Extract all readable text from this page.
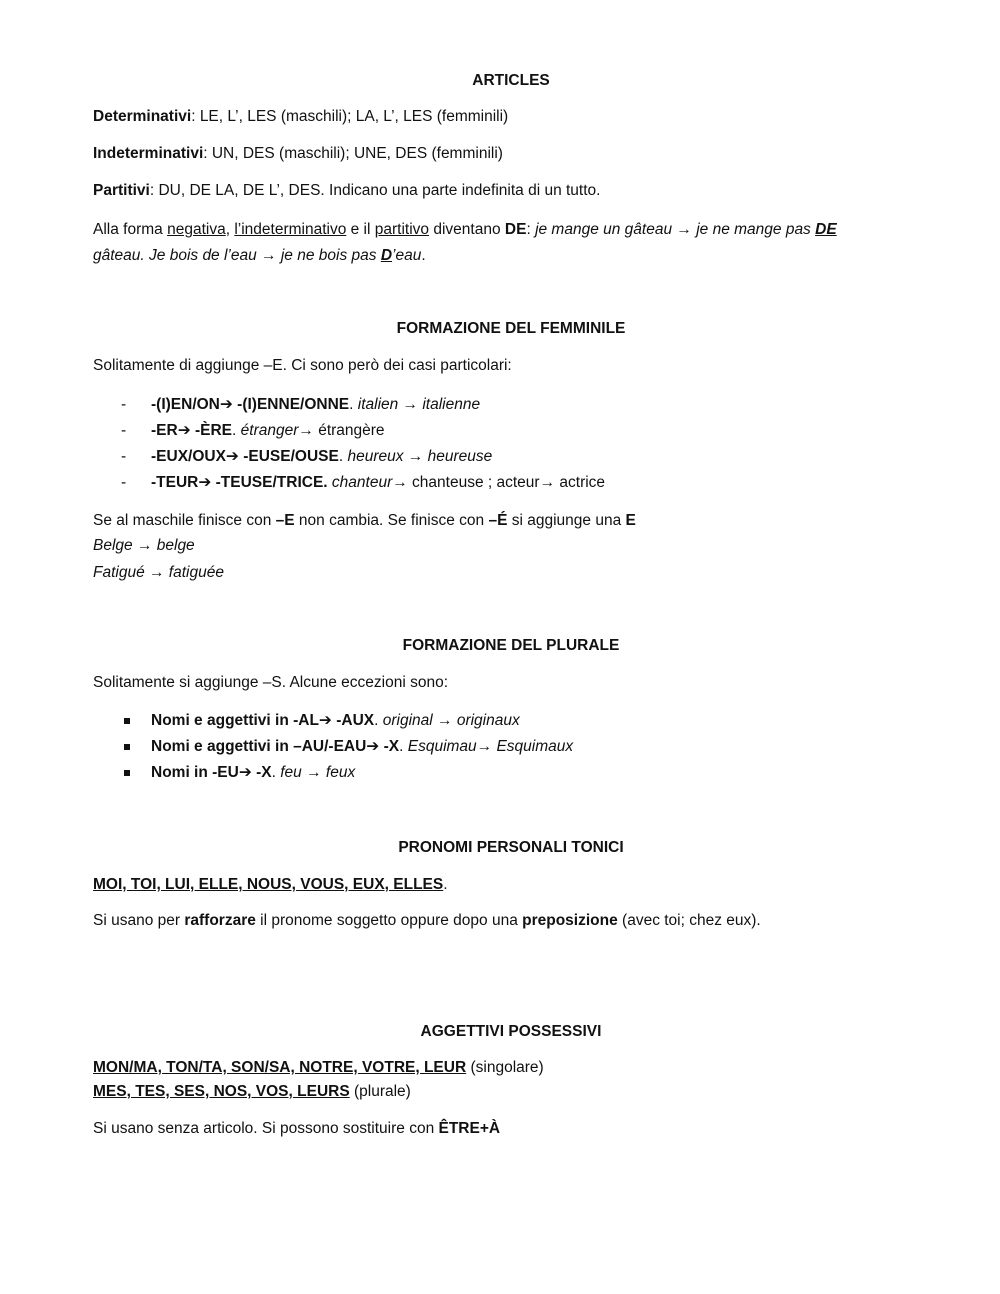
ARTICLES
Determinativi: LE, L’, LES (maschili); LA, L’, LES (femminili)
Indeterminativi: UN, DES (maschili); UNE, DES (femminili)
Partitivi: DU, DE LA, DE L’, DES. Indicano una parte indefinita di un tutto.
Alla forma negativa, l’indeterminativo e il partitivo diventano DE: je mange un gâteau → je ne mange pas DE
gâteau. Je bois de l’eau → je ne bois pas D’eau.
FORMAZIONE DEL FEMMINILE
Solitamente di aggiunge –E. Ci sono però dei casi particolari:
- -(I)EN/ON➔ -(I)ENNE/ONNE. italien → italienne
- -ER➔ -ÈRE. étranger→ étrangère
- -EUX/OUX➔ -EUSE/OUSE. heureux → heureuse
- -TEUR➔ -TEUSE/TRICE. chanteur→ chanteuse ; acteur→ actrice
Se al maschile finisce con –E non cambia. Se finisce con –É si aggiunge una E
Belge → belge
Fatigué → fatiguée
FORMAZIONE DEL PLURALE
Solitamente si aggiunge –S. Alcune eccezioni sono:
Nomi e aggettivi in -AL➔ -AUX. original → originaux
Nomi e aggettivi in –AU/-EAU➔ -X. Esquimau→ Esquimaux
Nomi in -EU➔ -X. feu → feux
PRONOMI PERSONALI TONICI
MOI, TOI, LUI, ELLE, NOUS, VOUS, EUX, ELLES.
Si usano per rafforzare il pronome soggetto oppure dopo una preposizione (avec toi; chez eux).
AGGETTIVI POSSESSIVI
MON/MA, TON/TA, SON/SA, NOTRE, VOTRE, LEUR (singolare)
MES, TES, SES, NOS, VOS, LEURS (plurale)
Si usano senza articolo. Si possono sostituire con ÊTRE+À
